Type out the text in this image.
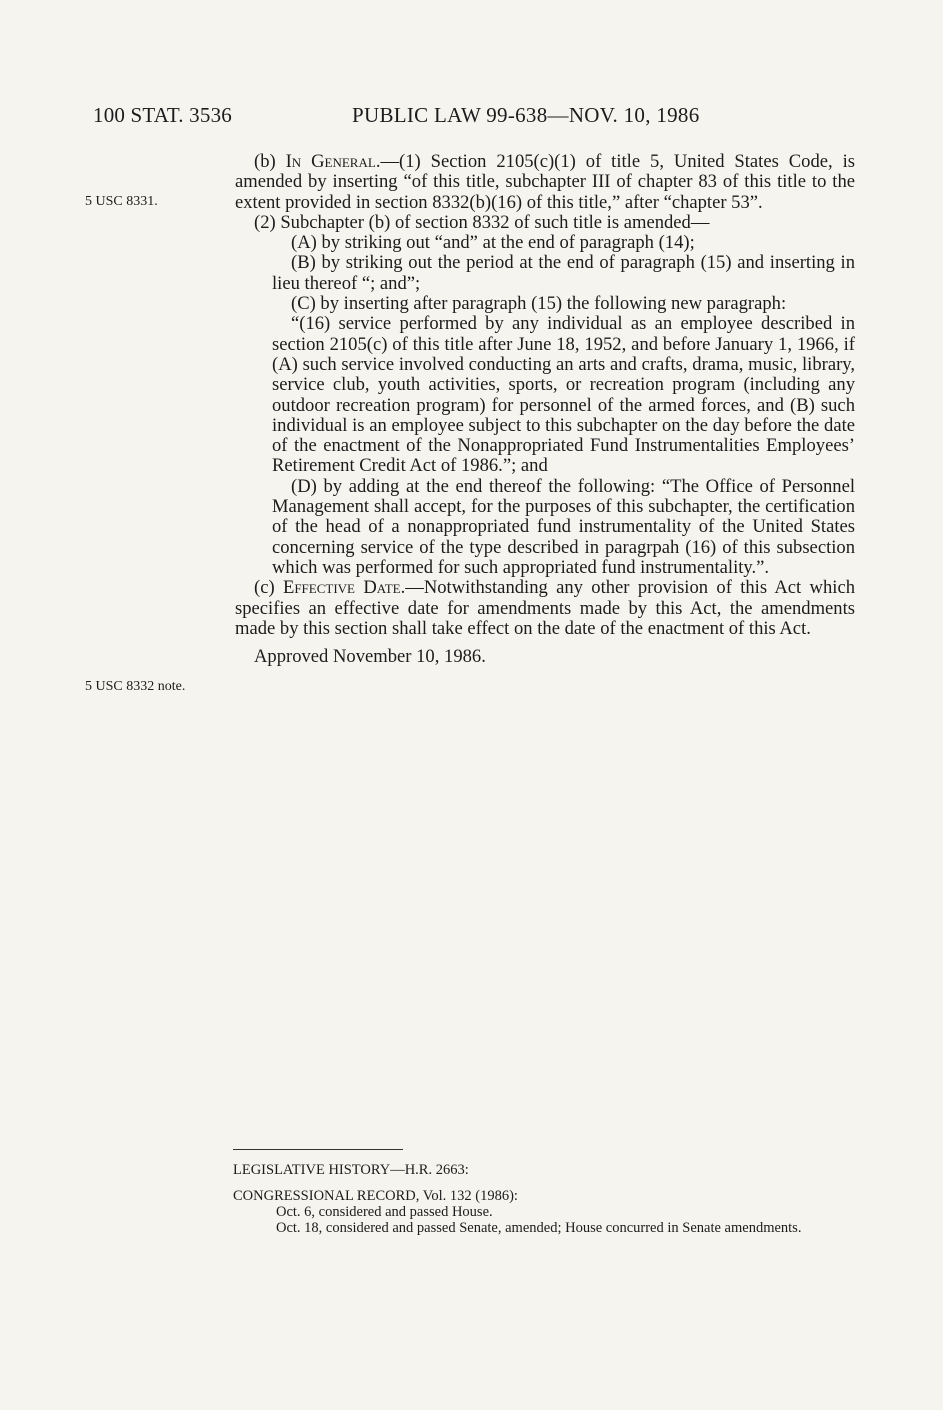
100 STAT. 3536	PUBLIC LAW 99-638—NOV. 10, 1986
5 USC 8331.
5 USC 8332 note.

(b) In General.—(1) Section 2105(c)(1) of title 5, United States Code, is amended by inserting “of this title, subchapter III of chapter 83 of this title to the extent provided in section 8332(b)(16) of this title,” after “chapter 53”.

(2) Subchapter (b) of section 8332 of such title is amended—

(A) by striking out “and” at the end of paragraph (14);

(B) by striking out the period at the end of paragraph (15) and inserting in lieu thereof “; and”;

(C) by inserting after paragraph (15) the following new paragraph:

“(16) service performed by any individual as an employee described in section 2105(c) of this title after June 18, 1952, and before January 1, 1966, if (A) such service involved conducting an arts and crafts, drama, music, library, service club, youth activities, sports, or recreation program (including any outdoor recreation program) for personnel of the armed forces, and (B) such individual is an employee subject to this subchapter on the day before the date of the enactment of the Nonappropriated Fund Instrumentalities Employees’ Retirement Credit Act of 1986.”; and

(D) by adding at the end thereof the following: “The Office of Personnel Management shall accept, for the purposes of this subchapter, the certification of the head of a nonappropriated fund instrumentality of the United States concerning service of the type described in paragrpah (16) of this subsection which was performed for such appropriated fund instrumentality.”.

(c) Effective Date.—Notwithstanding any other provision of this Act which specifies an effective date for amendments made by this Act, the amendments made by this section shall take effect on the date of the enactment of this Act.

Approved November 10, 1986.

LEGISLATIVE HISTORY—H.R. 2663:

CONGRESSIONAL RECORD, Vol. 132 (1986):

Oct. 6, considered and passed House.

Oct. 18, considered and passed Senate, amended; House concurred in Senate amendments.
